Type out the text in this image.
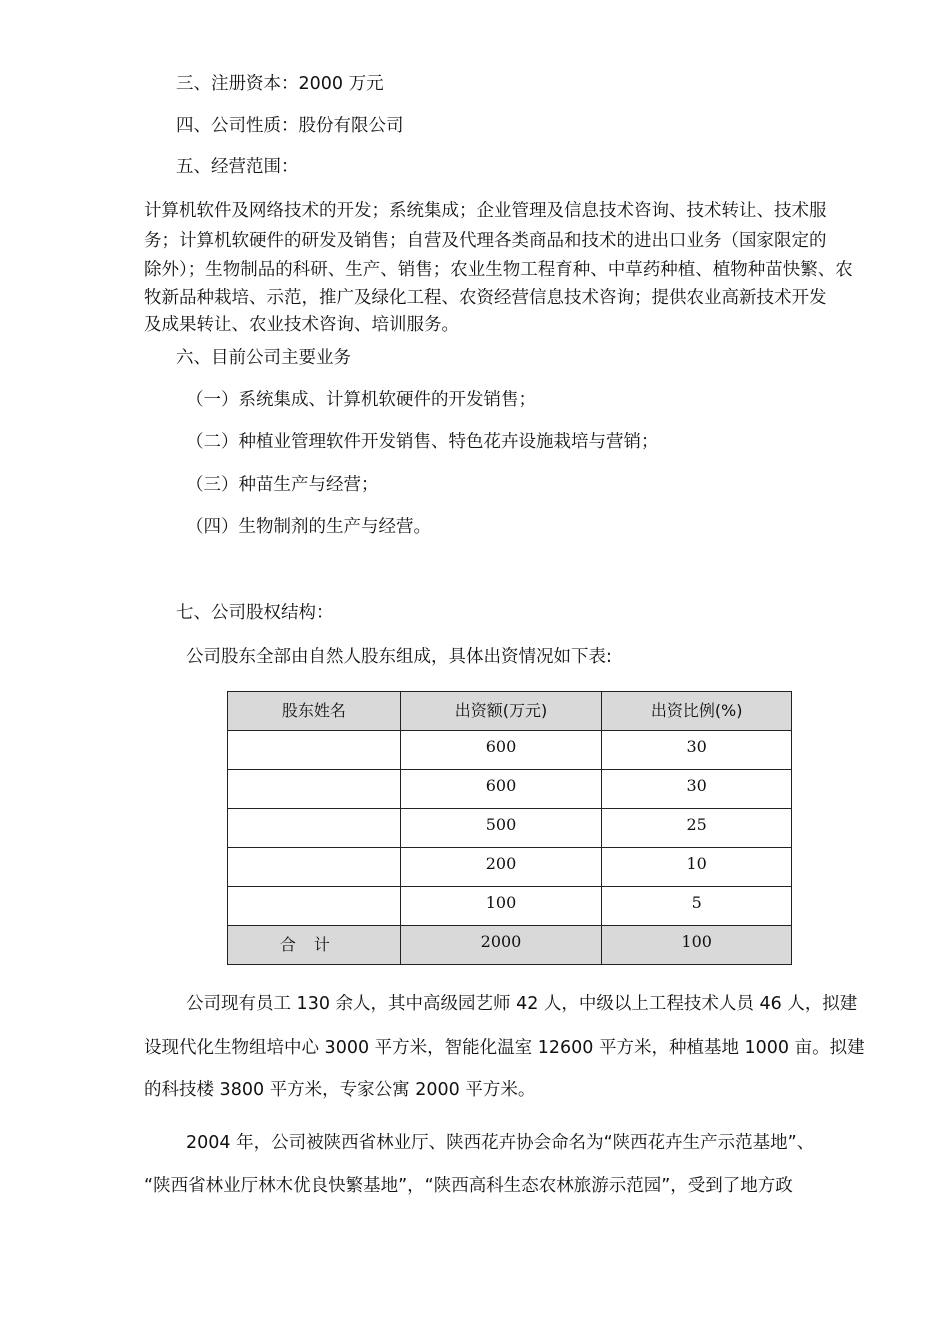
三、注册资本：2000 万元
四、公司性质：股份有限公司
五、经营范围：
计算机软件及网络技术的开发；系统集成；企业管理及信息技术咨询、技术转让、技术服
务；计算机软硬件的研发及销售；自营及代理各类商品和技术的进出口业务（国家限定的
除外）；生物制品的科研、生产、销售；农业生物工程育种、中草药种植、植物种苗快繁、农
牧新品种栽培、示范，推广及绿化工程、农资经营信息技术咨询；提供农业高新技术开发
及成果转让、农业技术咨询、培训服务。
六、目前公司主要业务
（一）系统集成、计算机软硬件的开发销售；
（二）种植业管理软件开发销售、特色花卉设施栽培与营销；
（三）种苗生产与经营；
（四）生物制剂的生产与经营。
七、公司股权结构：
公司股东全部由自然人股东组成，具体出资情况如下表:
股东姓名	出资额(万元)	出资比例(%)
	600	30
	600	30
	500	25
	200	10
	100	5
合计	2000	100
公司现有员工 130 余人，其中高级园艺师 42 人，中级以上工程技术人员 46 人，拟建
设现代化生物组培中心 3000 平方米，智能化温室 12600 平方米，种植基地 1000 亩。拟建
的科技楼 3800 平方米，专家公寓 2000 平方米。
2004 年，公司被陕西省林业厅、陕西花卉协会命名为“陕西花卉生产示范基地”、
“陕西省林业厅林木优良快繁基地”，“陕西高科生态农林旅游示范园”，受到了地方政
